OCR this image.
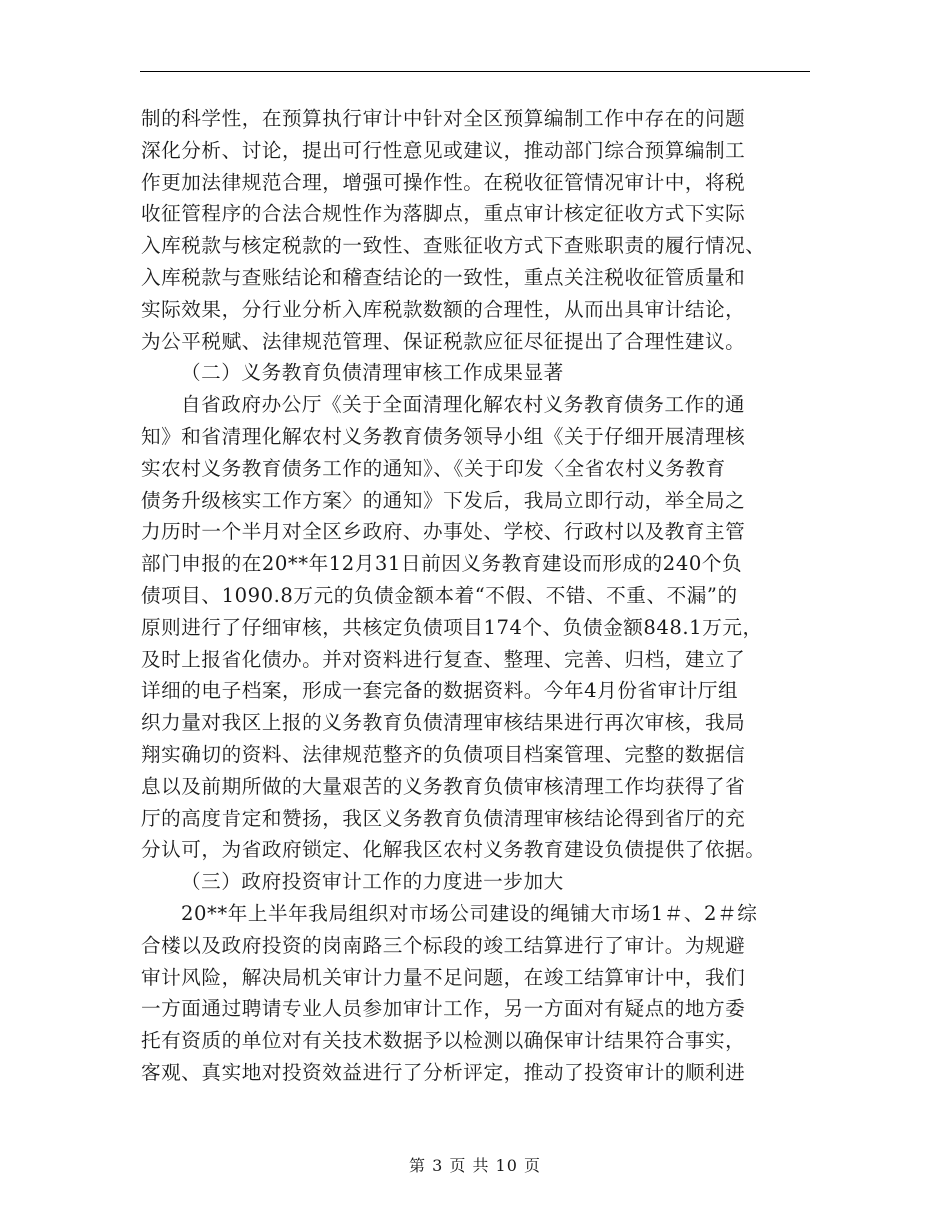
制的科学性，在预算执行审计中针对全区预算编制工作中存在的问题
深化分析、讨论，提出可行性意见或建议，推动部门综合预算编制工
作更加法律规范合理，增强可操作性。在税收征管情况审计中，将税
收征管程序的合法合规性作为落脚点，重点审计核定征收方式下实际
入库税款与核定税款的一致性、查账征收方式下查账职责的履行情况、
入库税款与查账结论和稽查结论的一致性，重点关注税收征管质量和
实际效果，分行业分析入库税款数额的合理性，从而出具审计结论，
为公平税赋、法律规范管理、保证税款应征尽征提出了合理性建议。
（二）义务教育负债清理审核工作成果显著
自省政府办公厅《关于全面清理化解农村义务教育债务工作的通
知》和省清理化解农村义务教育债务领导小组《关于仔细开展清理核
实农村义务教育债务工作的通知》、《关于印发〈全省农村义务教育
债务升级核实工作方案〉的通知》下发后，我局立即行动，举全局之
力历时一个半月对全区乡政府、办事处、学校、行政村以及教育主管
部门申报的在20**年12月31日前因义务教育建设而形成的240个负
债项目、1090.8万元的负债金额本着“不假、不错、不重、不漏”的
原则进行了仔细审核，共核定负债项目174个、负债金额848.1万元，
及时上报省化债办。并对资料进行复查、整理、完善、归档，建立了
详细的电子档案，形成一套完备的数据资料。今年4月份省审计厅组
织力量对我区上报的义务教育负债清理审核结果进行再次审核，我局
翔实确切的资料、法律规范整齐的负债项目档案管理、完整的数据信
息以及前期所做的大量艰苦的义务教育负债审核清理工作均获得了省
厅的高度肯定和赞扬，我区义务教育负债清理审核结论得到省厅的充
分认可，为省政府锁定、化解我区农村义务教育建设负债提供了依据。
（三）政府投资审计工作的力度进一步加大
20**年上半年我局组织对市场公司建设的绳铺大市场1＃、2＃综
合楼以及政府投资的岗南路三个标段的竣工结算进行了审计。为规避
审计风险，解决局机关审计力量不足问题，在竣工结算审计中，我们
一方面通过聘请专业人员参加审计工作，另一方面对有疑点的地方委
托有资质的单位对有关技术数据予以检测以确保审计结果符合事实，
客观、真实地对投资效益进行了分析评定，推动了投资审计的顺利进
第 3 页 共 10 页
